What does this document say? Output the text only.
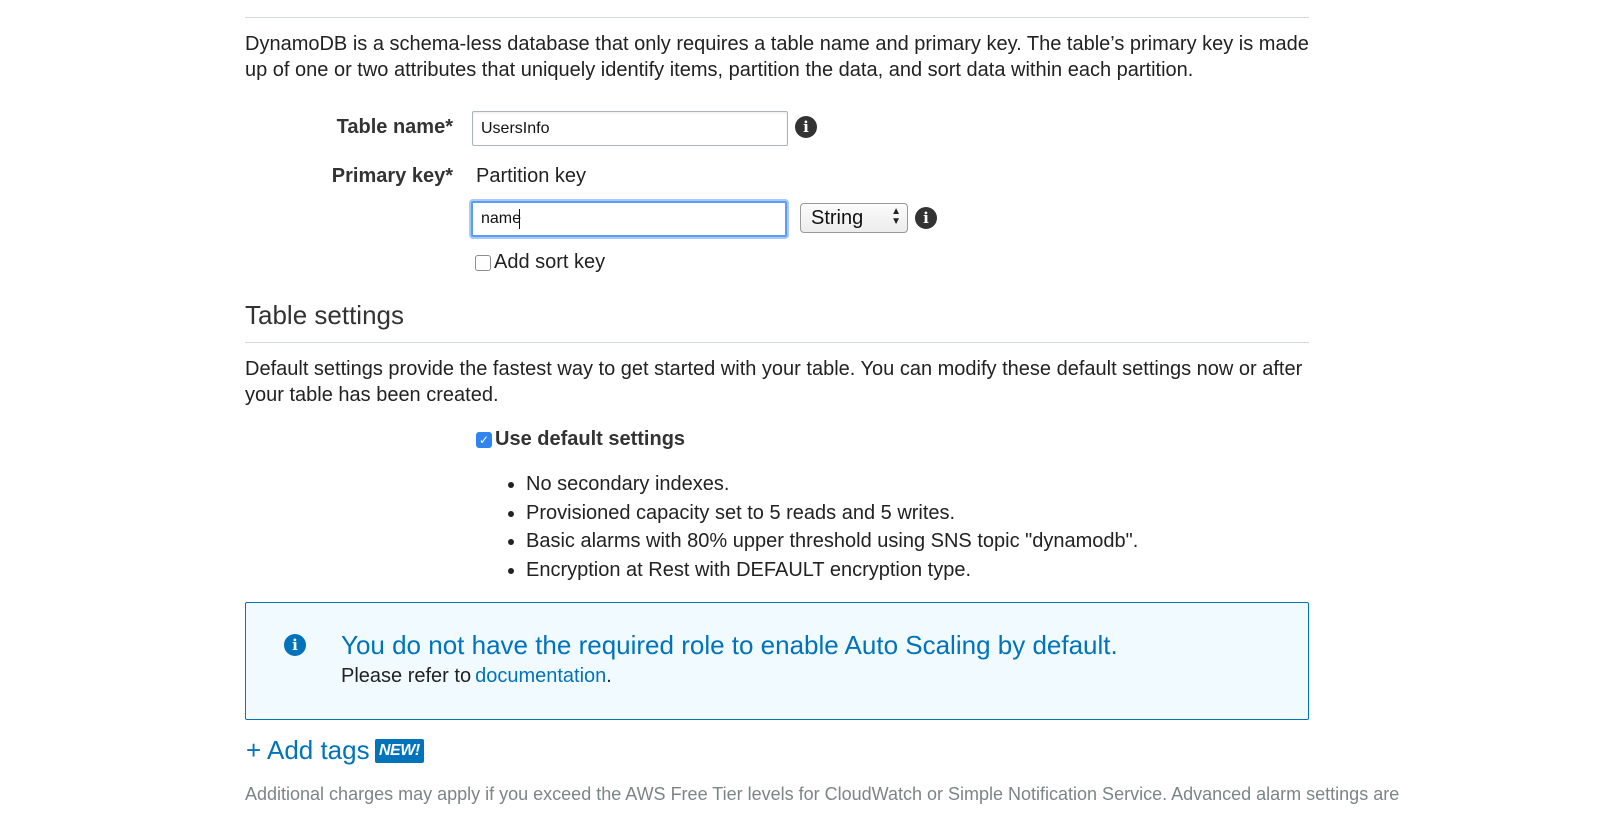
DynamoDB is a schema-less database that only requires a table name and primary key. The table’s primary key is made up of one or two attributes that uniquely identify items, partition the data, and sort data within each partition.
Table name*
UsersInfo	i
Primary key* Partition key
name
String	▲
▼	i
Add sort key
Table settings
Default settings provide the fastest way to get started with your table. You can modify these default settings now or after your table has been created.
✓ Use default settings
• No secondary indexes.
• Provisioned capacity set to 5 reads and 5 writes.
• Basic alarms with 80% upper threshold using SNS topic "dynamodb".
• Encryption at Rest with DEFAULT encryption type.
i	You do not have the required role to enable Auto Scaling by default.
Please refer to documentation.
+ Add tags NEW!
Additional charges may apply if you exceed the AWS Free Tier levels for CloudWatch or Simple Notification Service. Advanced alarm settings are
